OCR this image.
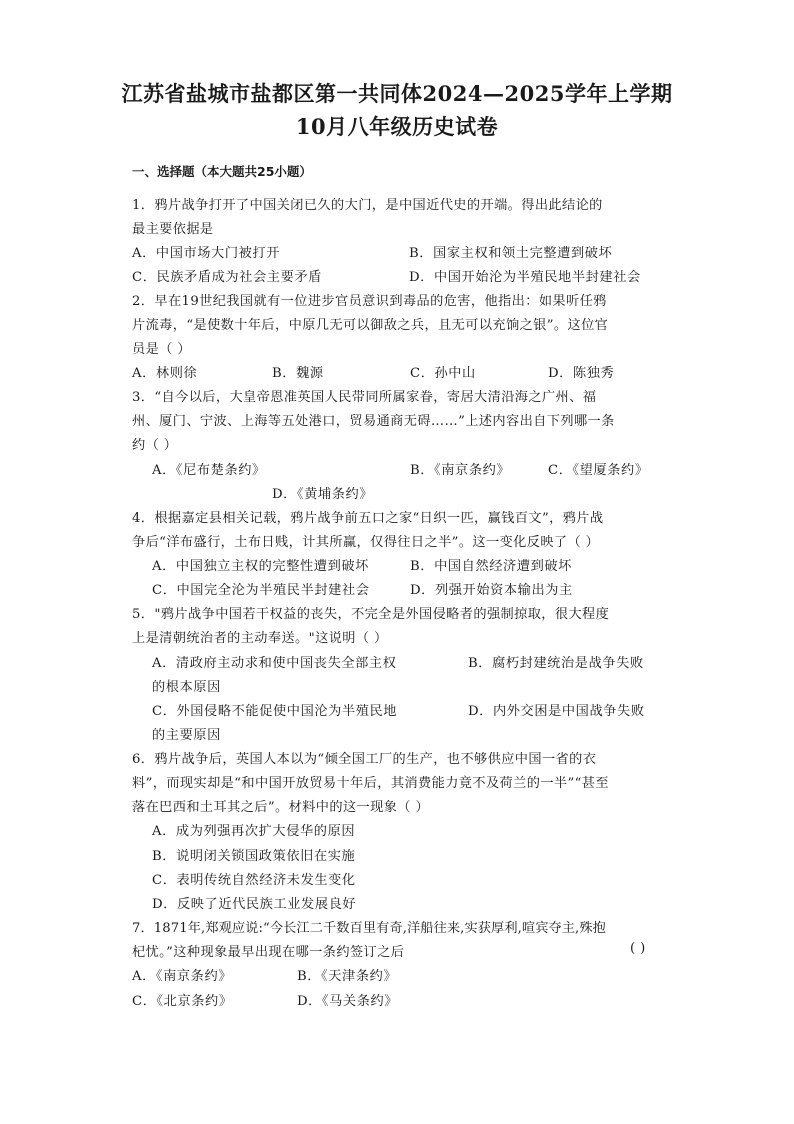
江苏省盐城市盐都区第一共同体2024—2025学年上学期
10月八年级历史试卷
一、选择题（本大题共25小题）
1．鸦片战争打开了中国关闭已久的大门，是中国近代史的开端。得出此结论的
最主要依据是
A．中国市场大门被打开	B．国家主权和领土完整遭到破坏
C．民族矛盾成为社会主要矛盾	D．中国开始沦为半殖民地半封建社会
2．早在19世纪我国就有一位进步官员意识到毒品的危害，他指出：如果听任鸦
片流毒，“是使数十年后，中原几无可以御敌之兵，且无可以充饷之银”。这位官
员是（ ）
A．林则徐	B．魏源	C．孙中山	D．陈独秀
3．“自今以后，大皇帝恩准英国人民带同所属家眷，寄居大清沿海之广州、福
州、厦门、宁波、上海等五处港口，贸易通商无碍……”上述内容出自下列哪一条
约（ ）
A．《尼布楚条约》	B．《南京条约》	C．《望厦条约》
D．《黄埔条约》
4．根据嘉定县相关记载，鸦片战争前五口之家“日织一匹，赢钱百文”，鸦片战
争后“洋布盛行，土布日贱，计其所赢，仅得往日之半”。这一变化反映了（ ）
A．中国独立主权的完整性遭到破坏	B．中国自然经济遭到破坏
C．中国完全沦为半殖民半封建社会	D．列强开始资本输出为主
5．"鸦片战争中国若干权益的丧失，不完全是外国侵略者的强制掠取，很大程度
上是清朝统治者的主动奉送。"这说明（ ）
A．清政府主动求和使中国丧失全部主权	B．腐朽封建统治是战争失败
的根本原因
C．外国侵略不能促使中国沦为半殖民地	D．内外交困是中国战争失败
的主要原因
6．鸦片战争后，英国人本以为“倾全国工厂的生产，也不够供应中国一省的衣
料”，而现实却是“和中国开放贸易十年后，其消费能力竟不及荷兰的一半”“甚至
落在巴西和土耳其之后”。材料中的这一现象（ ）
A．成为列强再次扩大侵华的原因
B．说明闭关锁国政策依旧在实施
C．表明传统自然经济未发生变化
D．反映了近代民族工业发展良好
7．1871年,郑观应说:“今长江二千数百里有奇,洋船往来,实获厚利,喧宾夺主,殊抱
杞忧。”这种现象最早出现在哪一条约签订之后	( )
A．《南京条约》	B．《天津条约》
C．《北京条约》	D．《马关条约》
